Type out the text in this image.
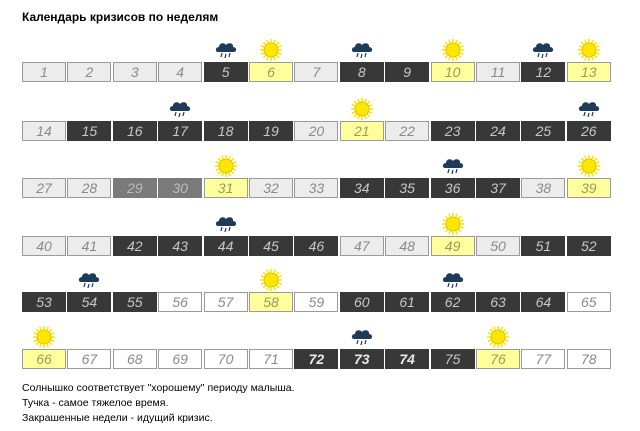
Календарь кризисов по неделям
1	2	3	4	5	6	7	8	9	10	11	12	13
14	15	16	17	18	19	20	21	22	23	24	25	26
27	28	29	30	31	32	33	34	35	36	37	38	39
40	41	42	43	44	45	46	47	48	49	50	51	52
53	54	55	56	57	58	59	60	61	62	63	64	65
66	67	68	69	70	71	72	73	74	75	76	77	78
Солнышко соответствует "хорошему" периоду малыша.
Тучка - самое тяжелое время.
Закрашенные недели - идущий кризис.
